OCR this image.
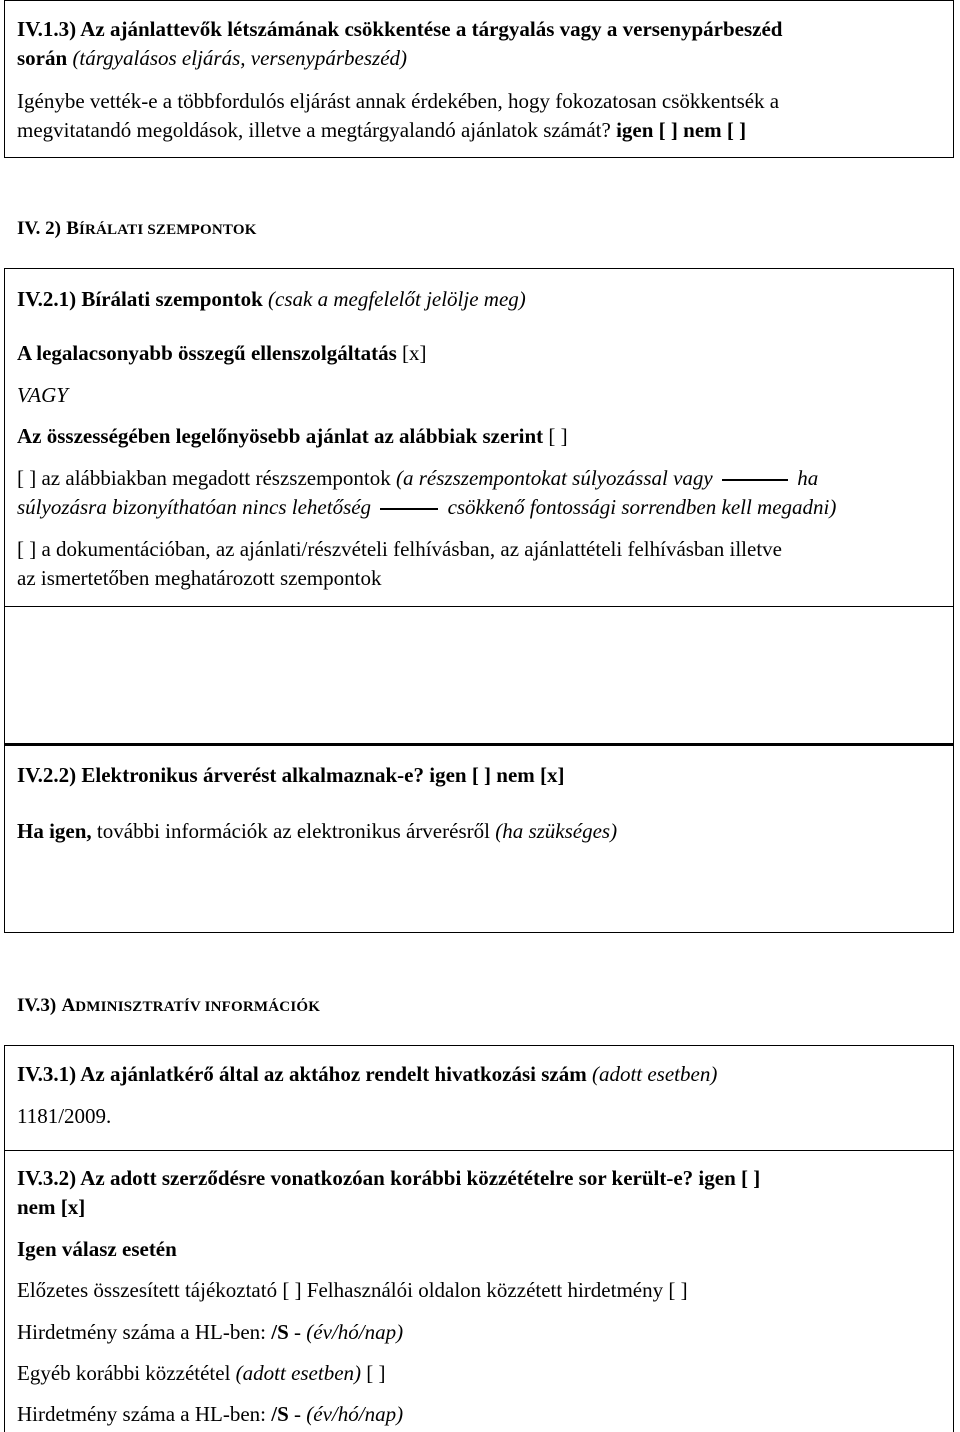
IV.1.3) Az ajánlattevők létszámának csökkentése a tárgyalás vagy a versenypárbeszéd
során (tárgyalásos eljárás, versenypárbeszéd)
Igénybe vették-e a többfordulós eljárást annak érdekében, hogy fokozatosan csökkentsék a
megvitatandó megoldások, illetve a megtárgyalandó ajánlatok számát? igen [ ] nem [ ]
IV. 2) BÍRÁLATI SZEMPONTOK
IV.2.1) Bírálati szempontok (csak a megfelelőt jelölje meg)
A legalacsonyabb összegű ellenszolgáltatás [x]
VAGY
Az összességében legelőnyösebb ajánlat az alábbiak szerint [ ]
[ ] az alábbiakban megadott részszempontok (a részszempontokat súlyozással vagy	ha
súlyozásra bizonyíthatóan nincs lehetőség	csökkenő fontossági sorrendben kell megadni)
[ ] a dokumentációban, az ajánlati/részvételi felhívásban, az ajánlattételi felhívásban illetve
az ismertetőben meghatározott szempontok
IV.2.2) Elektronikus árverést alkalmaznak-e? igen [ ] nem [x]
Ha igen, további információk az elektronikus árverésről (ha szükséges)
IV.3) ADMINISZTRATÍV INFORMÁCIÓK
IV.3.1) Az ajánlatkérő által az aktához rendelt hivatkozási szám (adott esetben)
1181/2009.
IV.3.2) Az adott szerződésre vonatkozóan korábbi közzétételre sor került-e? igen [ ]
nem [x]
Igen válasz esetén
Előzetes összesített tájékoztató [ ] Felhasználói oldalon közzétett hirdetmény [ ]
Hirdetmény száma a HL-ben: /S - (év/hó/nap)
Egyéb korábbi közzététel (adott esetben) [ ]
Hirdetmény száma a HL-ben: /S - (év/hó/nap)
